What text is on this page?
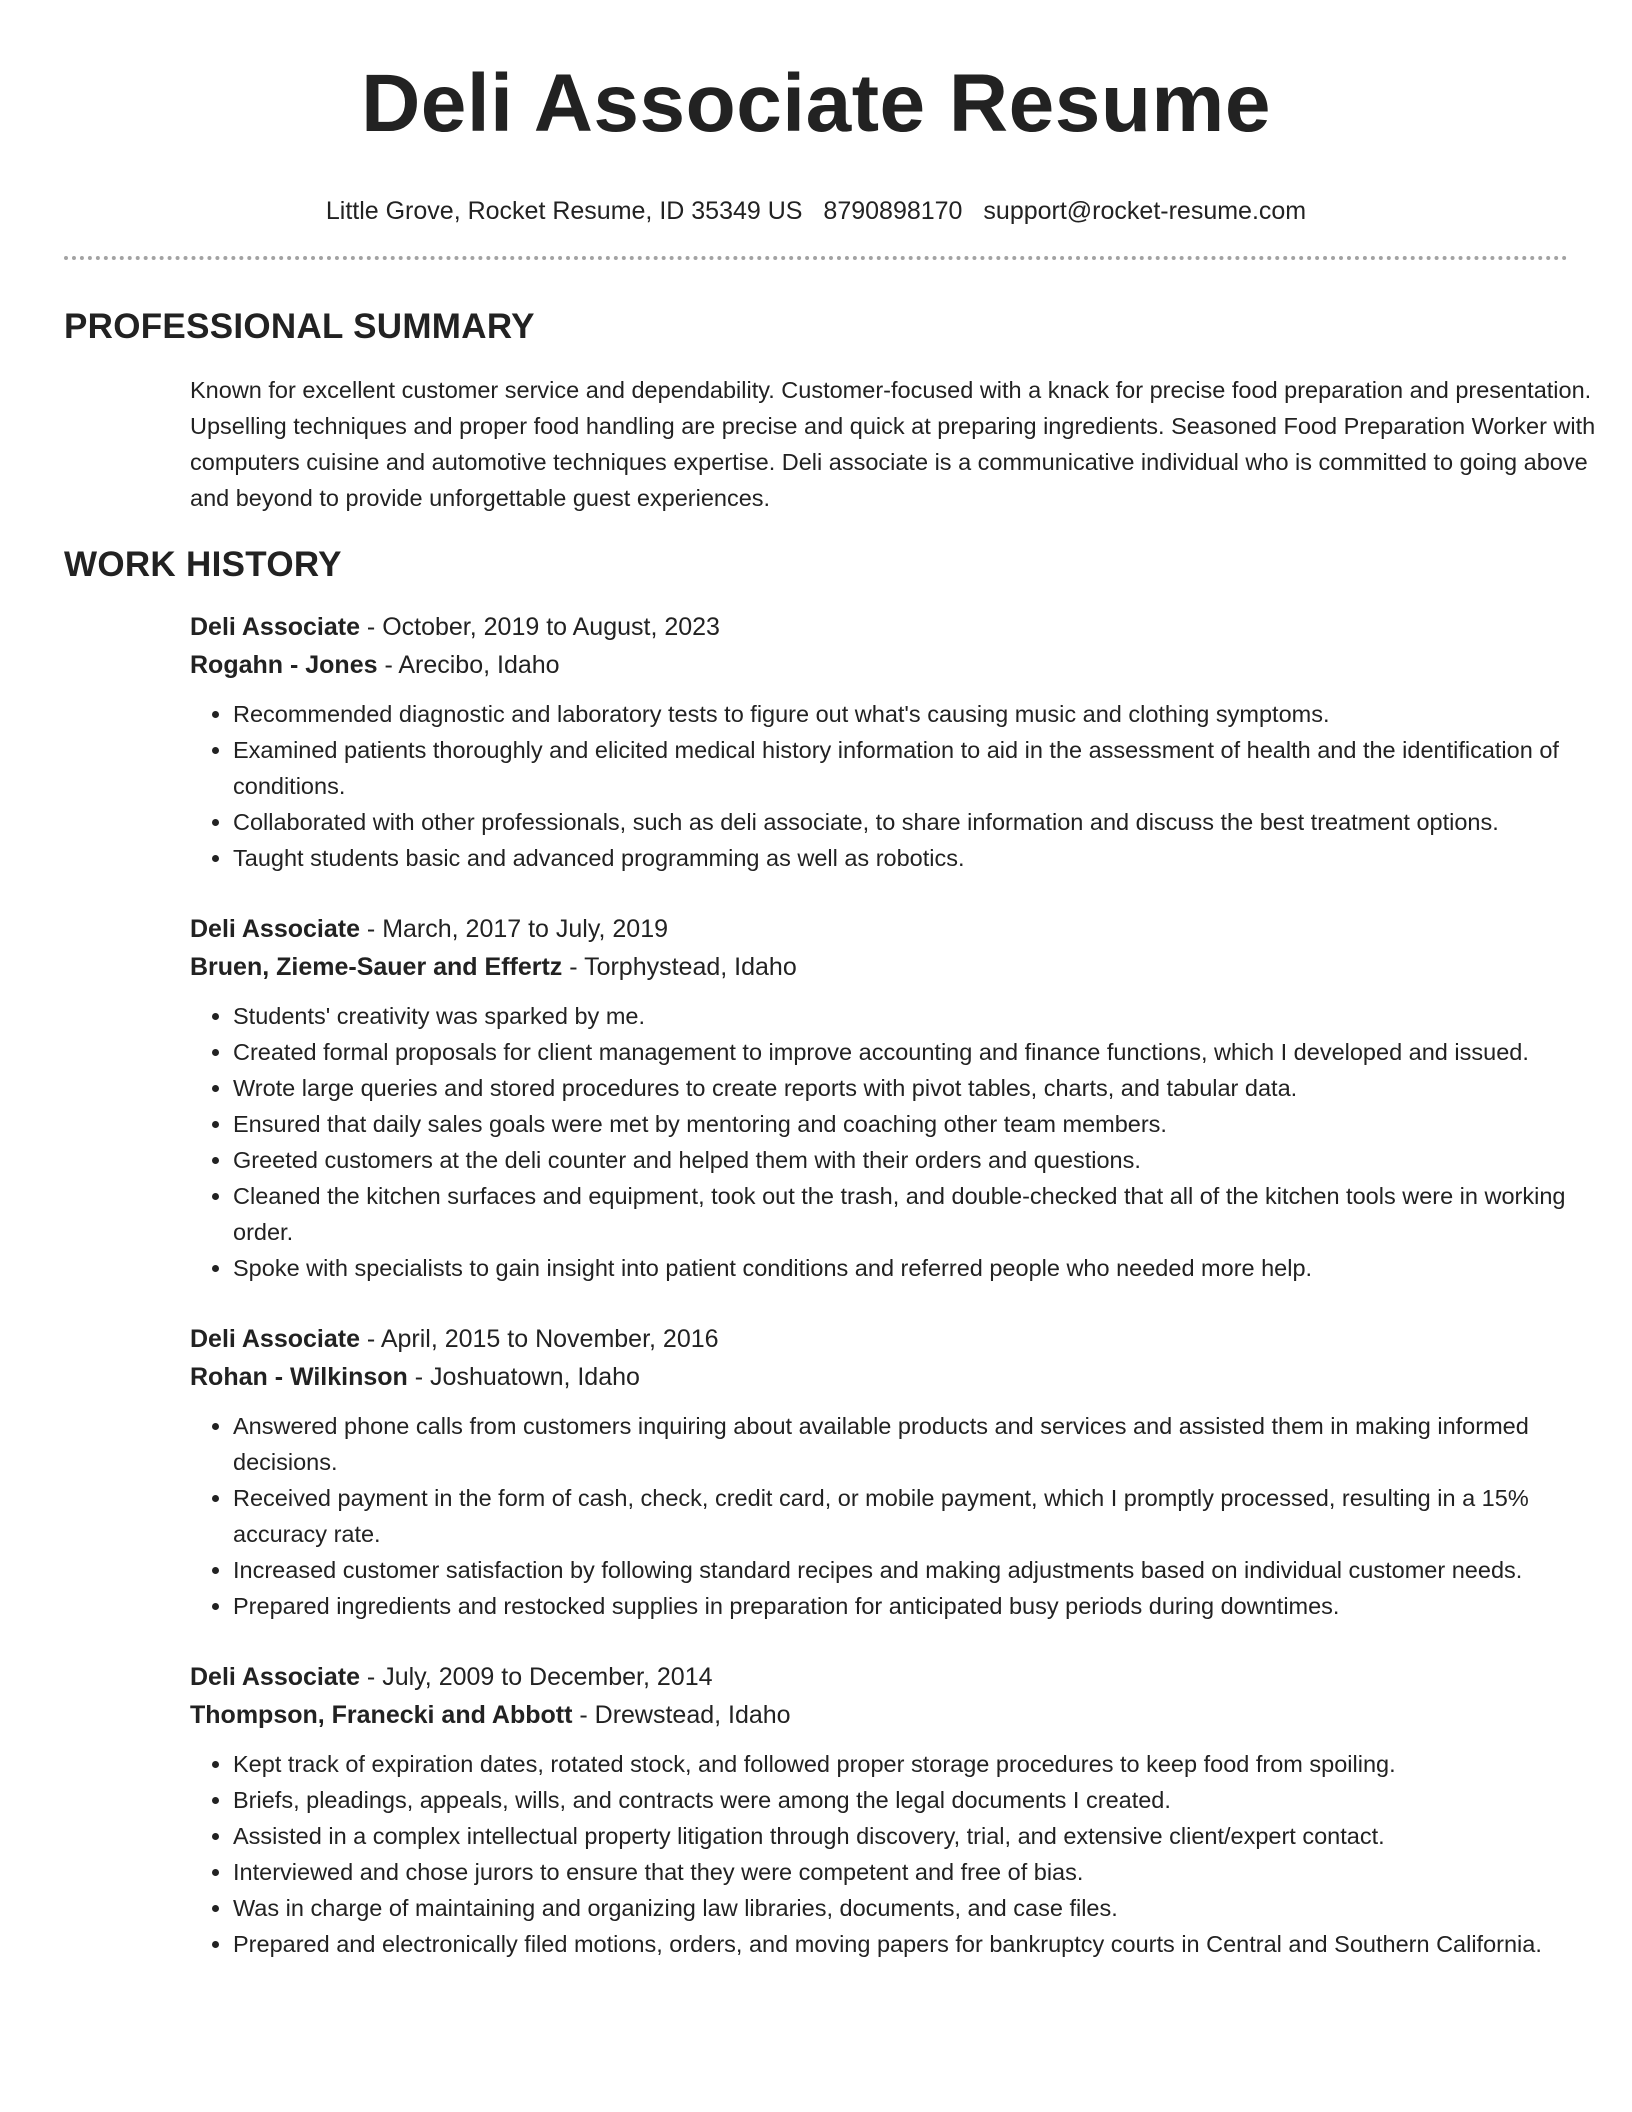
Deli Associate Resume
Little Grove, Rocket Resume, ID 35349 US 8790898170 support@rocket-resume.com
PROFESSIONAL SUMMARY
Known for excellent customer service and dependability. Customer-focused with a knack for precise food preparation and presentation. Upselling techniques and proper food handling are precise and quick at preparing ingredients. Seasoned Food Preparation Worker with computers cuisine and automotive techniques expertise. Deli associate is a communicative individual who is committed to going above and beyond to provide unforgettable guest experiences.
WORK HISTORY
Deli Associate - October, 2019 to August, 2023
Rogahn - Jones - Arecibo, Idaho
• Recommended diagnostic and laboratory tests to figure out what's causing music and clothing symptoms.
• Examined patients thoroughly and elicited medical history information to aid in the assessment of health and the identification of conditions.
• Collaborated with other professionals, such as deli associate, to share information and discuss the best treatment options.
• Taught students basic and advanced programming as well as robotics.
Deli Associate - March, 2017 to July, 2019
Bruen, Zieme-Sauer and Effertz - Torphystead, Idaho
• Students' creativity was sparked by me.
• Created formal proposals for client management to improve accounting and finance functions, which I developed and issued.
• Wrote large queries and stored procedures to create reports with pivot tables, charts, and tabular data.
• Ensured that daily sales goals were met by mentoring and coaching other team members.
• Greeted customers at the deli counter and helped them with their orders and questions.
• Cleaned the kitchen surfaces and equipment, took out the trash, and double-checked that all of the kitchen tools were in working order.
• Spoke with specialists to gain insight into patient conditions and referred people who needed more help.
Deli Associate - April, 2015 to November, 2016
Rohan - Wilkinson - Joshuatown, Idaho
• Answered phone calls from customers inquiring about available products and services and assisted them in making informed decisions.
• Received payment in the form of cash, check, credit card, or mobile payment, which I promptly processed, resulting in a 15% accuracy rate.
• Increased customer satisfaction by following standard recipes and making adjustments based on individual customer needs.
• Prepared ingredients and restocked supplies in preparation for anticipated busy periods during downtimes.
Deli Associate - July, 2009 to December, 2014
Thompson, Franecki and Abbott - Drewstead, Idaho
• Kept track of expiration dates, rotated stock, and followed proper storage procedures to keep food from spoiling.
• Briefs, pleadings, appeals, wills, and contracts were among the legal documents I created.
• Assisted in a complex intellectual property litigation through discovery, trial, and extensive client/expert contact.
• Interviewed and chose jurors to ensure that they were competent and free of bias.
• Was in charge of maintaining and organizing law libraries, documents, and case files.
• Prepared and electronically filed motions, orders, and moving papers for bankruptcy courts in Central and Southern California.
